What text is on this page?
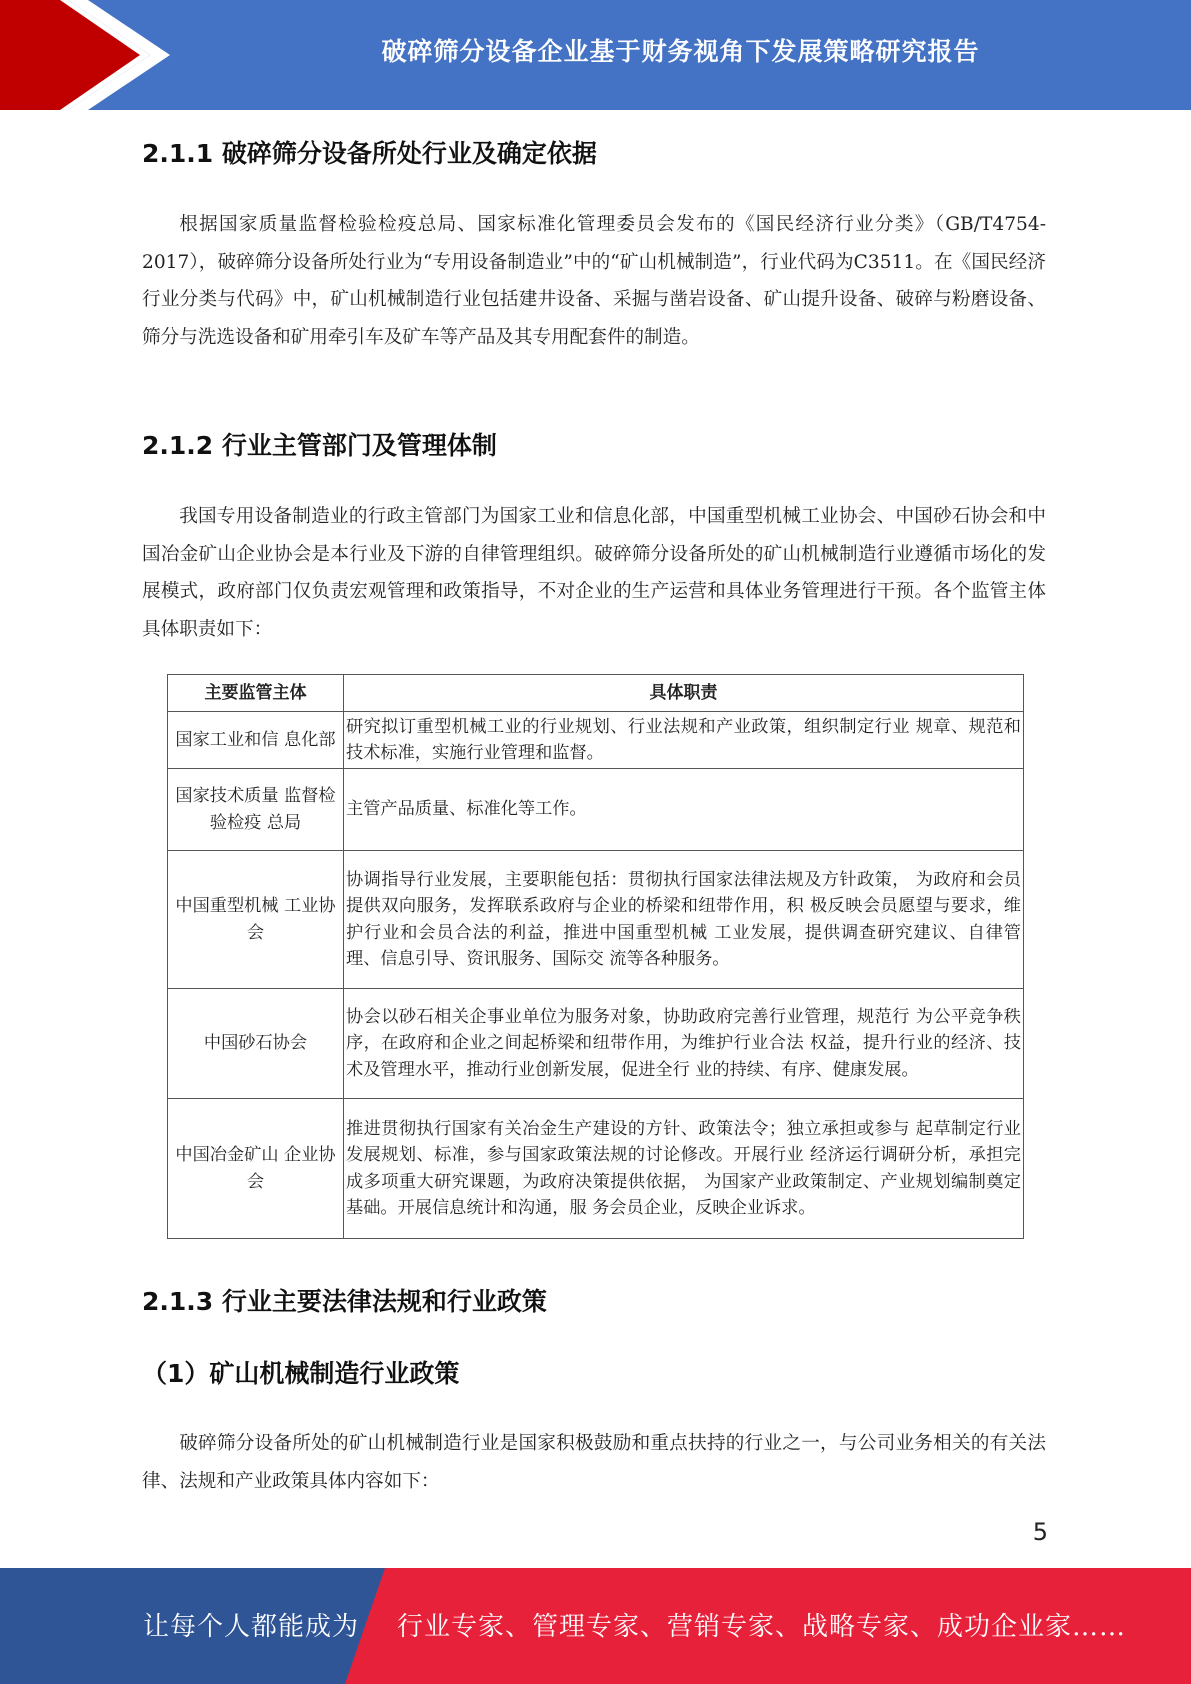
破碎筛分设备企业基于财务视角下发展策略研究报告
2.1.1 破碎筛分设备所处行业及确定依据

根据国家质量监督检验检疫总局、国家标准化管理委员会发布的《国民经济行业分类》（GB/T4754-2017），破碎筛分设备所处行业为“专用设备制造业”中的“矿山机械制造”，行业代码为C3511。在《国民经济行业分类与代码》中，矿山机械制造行业包括建井设备、采掘与凿岩设备、矿山提升设备、破碎与粉磨设备、筛分与洗选设备和矿用牵引车及矿车等产品及其专用配套件的制造。

2.1.2 行业主管部门及管理体制

我国专用设备制造业的行政主管部门为国家工业和信息化部，中国重型机械工业协会、中国砂石协会和中国冶金矿山企业协会是本行业及下游的自律管理组织。破碎筛分设备所处的矿山机械制造行业遵循市场化的发展模式，政府部门仅负责宏观管理和政策指导，不对企业的生产运营和具体业务管理进行干预。各个监管主体具体职责如下：

主要监管主体	具体职责
国家工业和信 息化部	研究拟订重型机械工业的行业规划、行业法规和产业政策，组织制定行业 规章、规范和技术标准，实施行业管理和监督。
国家技术质量 监督检验检疫 总局	主管产品质量、标准化等工作。
中国重型机械 工业协会	协调指导行业发展，主要职能包括：贯彻执行国家法律法规及方针政策， 为政府和会员提供双向服务，发挥联系政府与企业的桥梁和纽带作用，积 极反映会员愿望与要求，维护行业和会员合法的利益，推进中国重型机械 工业发展，提供调查研究建议、自律管理、信息引导、资讯服务、国际交 流等各种服务。
中国砂石协会	协会以砂石相关企事业单位为服务对象，协助政府完善行业管理，规范行 为公平竞争秩序，在政府和企业之间起桥梁和纽带作用，为维护行业合法 权益，提升行业的经济、技术及管理水平，推动行业创新发展，促进全行 业的持续、有序、健康发展。
中国冶金矿山 企业协会	推进贯彻执行国家有关冶金生产建设的方针、政策法令；独立承担或参与 起草制定行业发展规划、标准，参与国家政策法规的讨论修改。开展行业 经济运行调研分析，承担完成多项重大研究课题，为政府决策提供依据， 为国家产业政策制定、产业规划编制奠定基础。开展信息统计和沟通，服 务会员企业，反映企业诉求。
2.1.3 行业主要法律法规和行业政策
（1）矿山机械制造行业政策

破碎筛分设备所处的矿山机械制造行业是国家积极鼓励和重点扶持的行业之一，与公司业务相关的有关法律、法规和产业政策具体内容如下：

5
让每个人都能成为 行业专家、管理专家、营销专家、战略专家、成功企业家……
